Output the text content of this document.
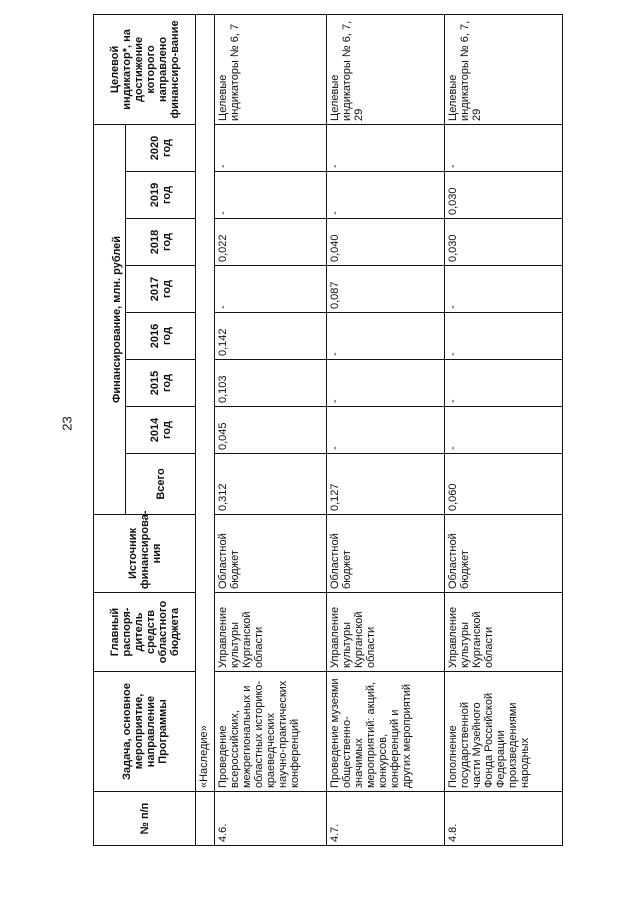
23
№ п/п	Задача, основное мероприятие, направление Программы	Главный распоря-дитель средств областного бюджета	Источник финансирова-ния	Финансирование, млн. рублей								Целевой индикатор*, на достижение которого направлено финансиро-вание
				Всего	2014 год	2015 год	2016 год	2017 год	2018 год	2019 год	2020 год	
	«Наследие»											
4.6.	Проведение всероссийских, межрегиональных и областных историко-краеведческих научно-практических конференций	Управление культуры Курганской области	Областной бюджет	0,312	0,045	0,103	0,142	-	0,022	-	-	Целевые индикаторы № 6, 7
4.7.	Проведение музеями общественно-значимых мероприятий: акций, конкурсов, конференций и других мероприятий	Управление культуры Курганской области	Областной бюджет	0,127	-	-	-	0,087	0,040	-	-	Целевые индикаторы № 6, 7, 29
4.8.	Пополнение государственной части Музейного Фонда Российской Федерации произведениями народных	Управление культуры Курганской области	Областной бюджет	0,060	-	-	-	-	0,030	0,030	-	Целевые индикаторы № 6, 7, 29
